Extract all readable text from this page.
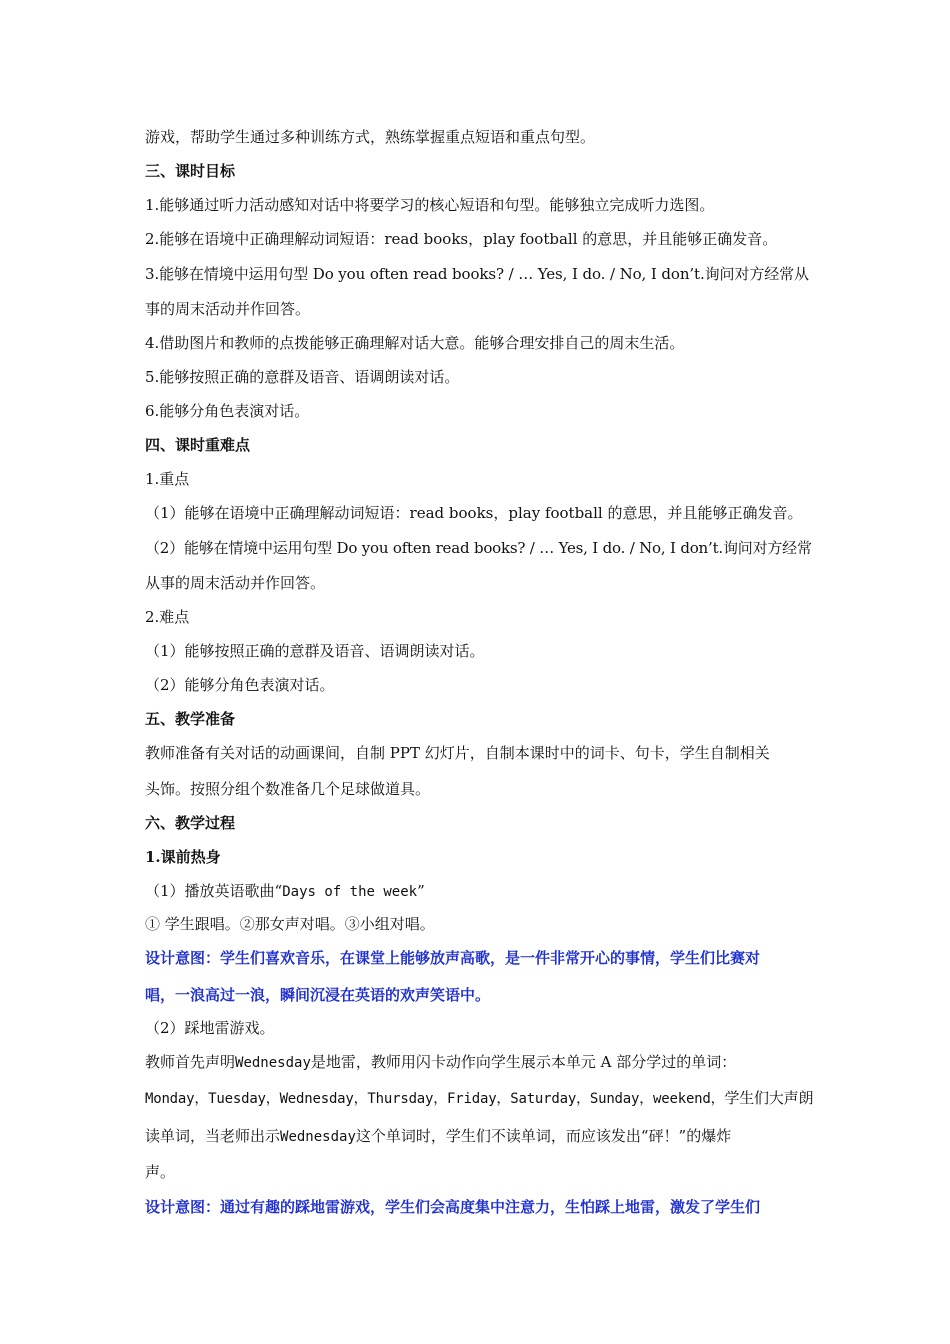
游戏，帮助学生通过多种训练方式，熟练掌握重点短语和重点句型。
三、课时目标
1.能够通过听力活动感知对话中将要学习的核心短语和句型。能够独立完成听力选图。
2.能够在语境中正确理解动词短语：read books，play football 的意思，并且能够正确发音。
3.能够在情境中运用句型 Do you often read books? / … Yes, I do. / No, I don’t.询问对方经常从
事的周末活动并作回答。
4.借助图片和教师的点拨能够正确理解对话大意。能够合理安排自己的周末生活。
5.能够按照正确的意群及语音、语调朗读对话。
6.能够分角色表演对话。
四、课时重难点
1.重点
（1）能够在语境中正确理解动词短语：read books，play football 的意思，并且能够正确发音。
（2）能够在情境中运用句型 Do you often read books? / … Yes, I do. / No, I don’t.询问对方经常
从事的周末活动并作回答。
2.难点
（1）能够按照正确的意群及语音、语调朗读对话。
（2）能够分角色表演对话。
五、教学准备
教师准备有关对话的动画课间，自制 PPT 幻灯片，自制本课时中的词卡、句卡，学生自制相关
头饰。按照分组个数准备几个足球做道具。
六、教学过程
1.课前热身
（1）播放英语歌曲“Days of the week”
① 学生跟唱。②那女声对唱。③小组对唱。
设计意图：学生们喜欢音乐，在课堂上能够放声高歌，是一件非常开心的事情，学生们比赛对
唱，一浪高过一浪，瞬间沉浸在英语的欢声笑语中。
（2）踩地雷游戏。
教师首先声明Wednesday是地雷，教师用闪卡动作向学生展示本单元 A 部分学过的单词：
Monday，Tuesday，Wednesday，Thursday，Friday，Saturday，Sunday，weekend，学生们大声朗
读单词，当老师出示Wednesday这个单词时，学生们不读单词，而应该发出“砰！”的爆炸
声。
设计意图：通过有趣的踩地雷游戏，学生们会高度集中注意力，生怕踩上地雷，激发了学生们
